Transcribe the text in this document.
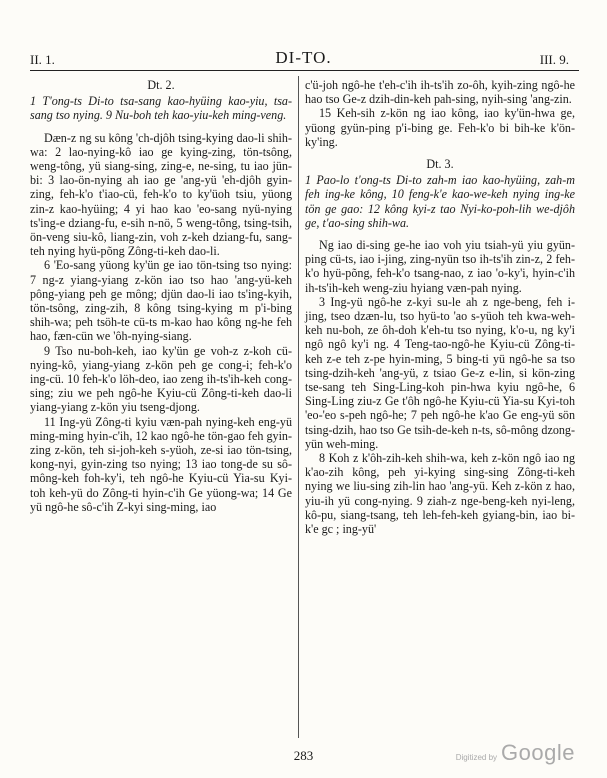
II. 1.	DI-TO.	III. 9.

Dt. 2.

1 T'ong-ts Di-to tsa-sang kao-hyüing kao-yiu, tsa-sang tso nying. 9 Nu-boh teh kao-yiu-keh ming-veng.

Dæn-z ng su kông 'ch-djôh tsing-kying dao-li shih-wa: 2 lao-nying-kô iao ge kying-zing, tön-tsông, weng-tông, yü siang-sing, zing-e, ne-sing, tu iao jün-bi: 3 lao-ön-nying ah iao ge 'ang-yü 'eh-djôh gyin-zing, feh-k'o t'iao-cü, feh-k'o to ky'üoh tsiu, yüong zin-z kao-hyüing; 4 yi hao kao 'eo-sang nyü-nying ts'ing-e dziang-fu, e-sih n-nö, 5 weng-tông, tsing-tsih, ön-veng siu-kô, liang-zin, voh z-keh dziang-fu, sang-teh nying hyü-põng Zông-ti-keh dao-li.

6 'Eo-sang yüong ky'ün ge iao tön-tsing tso nying: 7 ng-z yiang-yiang z-kön iao tso hao 'ang-yü-keh pông-yiang peh ge mông; djün dao-li iao ts'ing-kyih, tön-tsông, zing-zih, 8 kông tsing-kying m p'i-bing shih-wa; peh tsöh-te cü-ts m-kao hao kông ng-he feh hao, fæn-cün we 'ôh-nying-siang.

9 Tso nu-boh-keh, iao ky'ün ge voh-z z-koh cü-nying-kô, yiang-yiang z-kön peh ge cong-i; feh-k'o ing-cü. 10 feh-k'o löh-deo, iao zeng ih-ts'ih-keh cong-sing; ziu we peh ngô-he Kyiu-cü Zông-ti-keh dao-li yiang-yiang z-kön yiu tseng-djong.

11 Ing-yü Zông-ti kyiu væn-pah nying-keh eng-yü ming-ming hyin-c'ih, 12 kao ngô-he tön-gao feh gyin-zing z-kön, teh si-joh-keh s-yüoh, ze-si iao tön-tsing, kong-nyi, gyin-zing tso nying; 13 iao tong-de su sô-mông-keh foh-ky'i, teh ngô-he Kyiu-cü Yia-su Kyi-toh keh-yü do Zông-ti hyin-c'ih Ge yüong-wa; 14 Ge yü ngô-he sô-c'ih Z-kyi sing-ming, iao

c'ü-joh ngô-he t'eh-c'ih ih-ts'ih zo-ôh, kyih-zing ngô-he hao tso Ge-z dzih-din-keh pah-sing, nyih-sing 'ang-zin.

15 Keh-sih z-kön ng iao kông, iao ky'ün-hwa ge, yüong gyün-ping p'i-bing ge. Feh-k'o bi bih-ke k'ön-ky'ing.

Dt. 3.

1 Pao-lo t'ong-ts Di-to zah-m iao kao-hyüing, zah-m feh ing-ke kông, 10 feng-k'e kao-we-keh nying ing-ke tön ge gao: 12 kông kyi-z tao Nyi-ko-poh-lih we-djôh ge, t'ao-sing shih-wa.

Ng iao di-sing ge-he iao voh yiu tsiah-yü yiu gyün-ping cü-ts, iao i-jing, zing-nyün tso ih-ts'ih zin-z, 2 feh-k'o hyü-põng, feh-k'o tsang-nao, z iao 'o-ky'i, hyin-c'ih ih-ts'ih-keh weng-ziu hyiang væn-pah nying.

3 Ing-yü ngô-he z-kyi su-le ah z nge-beng, feh i-jing, tseo dzæn-lu, tso hyü-to 'ao s-yüoh teh kwa-weh-keh nu-boh, ze ôh-doh k'eh-tu tso nying, k'o-u, ng ky'i ngô ngô ky'i ng. 4 Teng-tao-ngô-he Kyiu-cü Zông-ti-keh z-e teh z-pe hyin-ming, 5 bing-ti yü ngô-he sa tso tsing-dzih-keh 'ang-yü, z tsiao Ge-z e-lin, si kön-zing tse-sang teh Sing-Ling-koh pin-hwa kyiu ngô-he, 6 Sing-Ling ziu-z Ge t'ôh ngô-he Kyiu-cü Yia-su Kyi-toh 'eo-'eo s-peh ngô-he; 7 peh ngô-he k'ao Ge eng-yü sön tsing-dzih, hao tso Ge tsih-de-keh n-ts, sô-mông dzong-yün weh-ming.

8 Koh z k'ôh-zih-keh shih-wa, keh z-kön ngô iao ng k'ao-zih kông, peh yi-kying sing-sing Zông-ti-keh nying we liu-sing zih-lin hao 'ang-yü. Keh z-kön z hao, yiu-ih yü cong-nying. 9 ziah-z nge-beng-keh nyi-leng, kô-pu, siang-tsang, teh leh-feh-keh gyiang-bin, iao bi-k'e gc ; ing-yü'

283	Digitized by Google
